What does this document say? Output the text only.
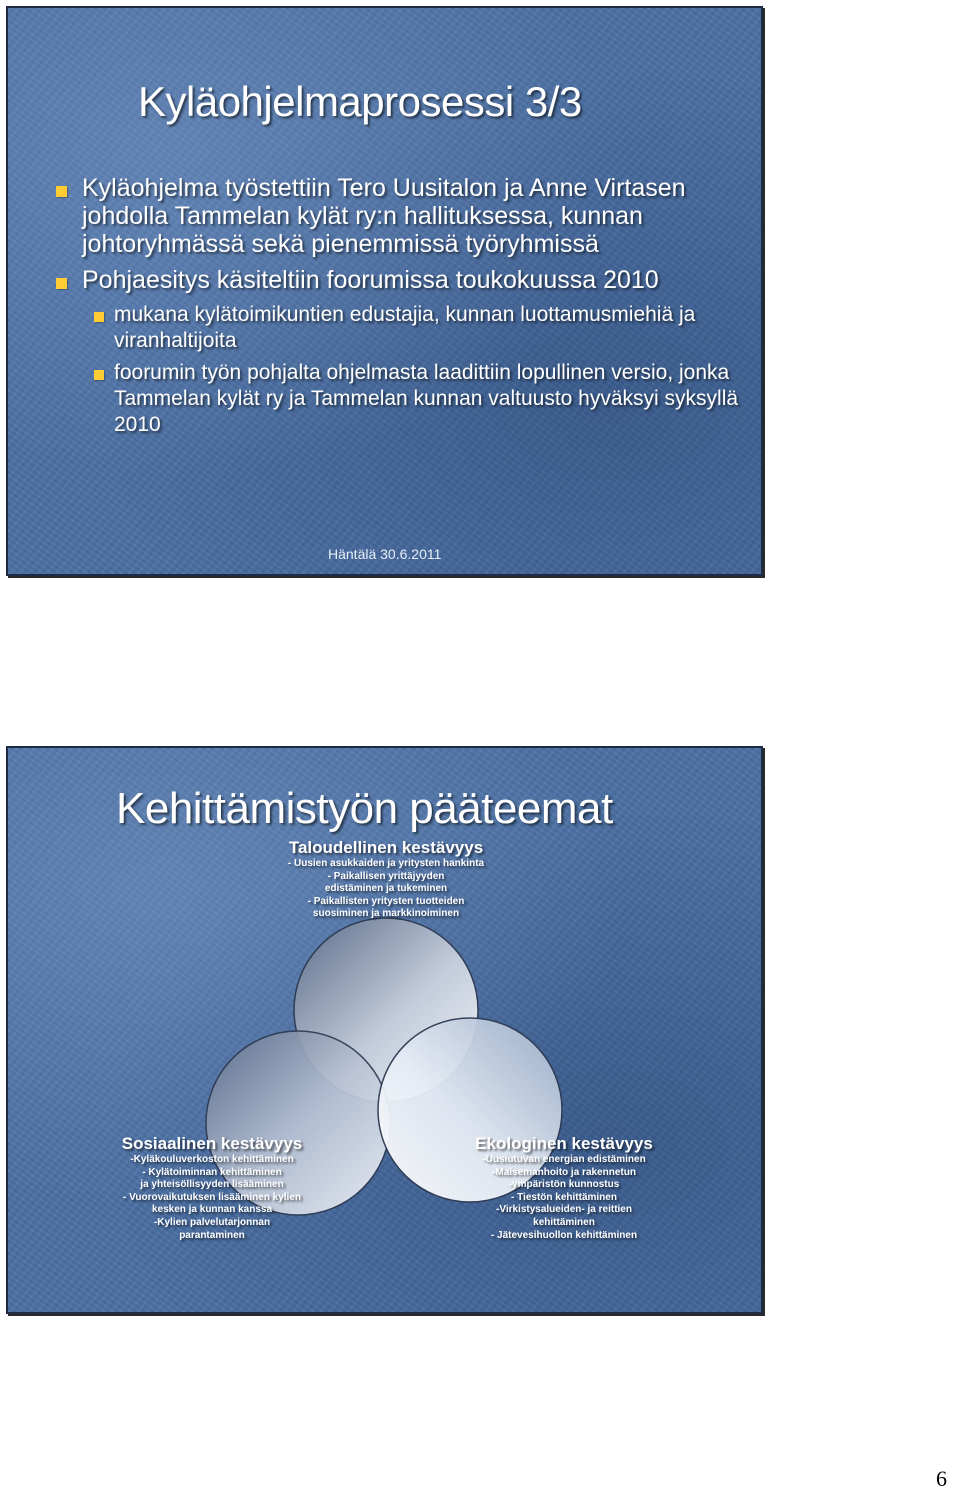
Kyläohjelmaprosessi 3/3
Kyläohjelma työstettiin Tero Uusitalon ja Anne Virtasen johdolla Tammelan kylät ry:n hallituksessa, kunnan johtoryhmässä sekä pienemmissä työryhmissä
Pohjaesitys käsiteltiin foorumissa toukokuussa 2010
mukana kylätoimikuntien edustajia, kunnan luottamusmiehiä ja viranhaltijoita
foorumin työn pohjalta ohjelmasta laadittiin lopullinen versio, jonka Tammelan kylät ry ja Tammelan kunnan valtuusto hyväksyi syksyllä 2010
Häntälä 30.6.2011
Kehittämistyön pääteemat
Taloudellinen kestävyys
- Uusien asukkaiden ja yritysten hankinta
- Paikallisen yrittäjyyden
edistäminen ja tukeminen
- Paikallisten yritysten tuotteiden
suosiminen ja markkinoiminen
Sosiaalinen kestävyys
-Kyläkouluverkoston kehittäminen
- Kylätoiminnan kehittäminen
ja yhteisöllisyyden lisääminen
- Vuorovaikutuksen lisääminen kylien
kesken ja kunnan kanssa
-Kylien palvelutarjonnan
parantaminen
Ekologinen kestävyys
-Uusiutuvan energian edistäminen
-Maisemanhoito ja rakennetun
-ympäristön kunnostus
- Tiestön kehittäminen
-Virkistysalueiden- ja reittien
kehittäminen
- Jätevesihuollon kehittäminen
6
